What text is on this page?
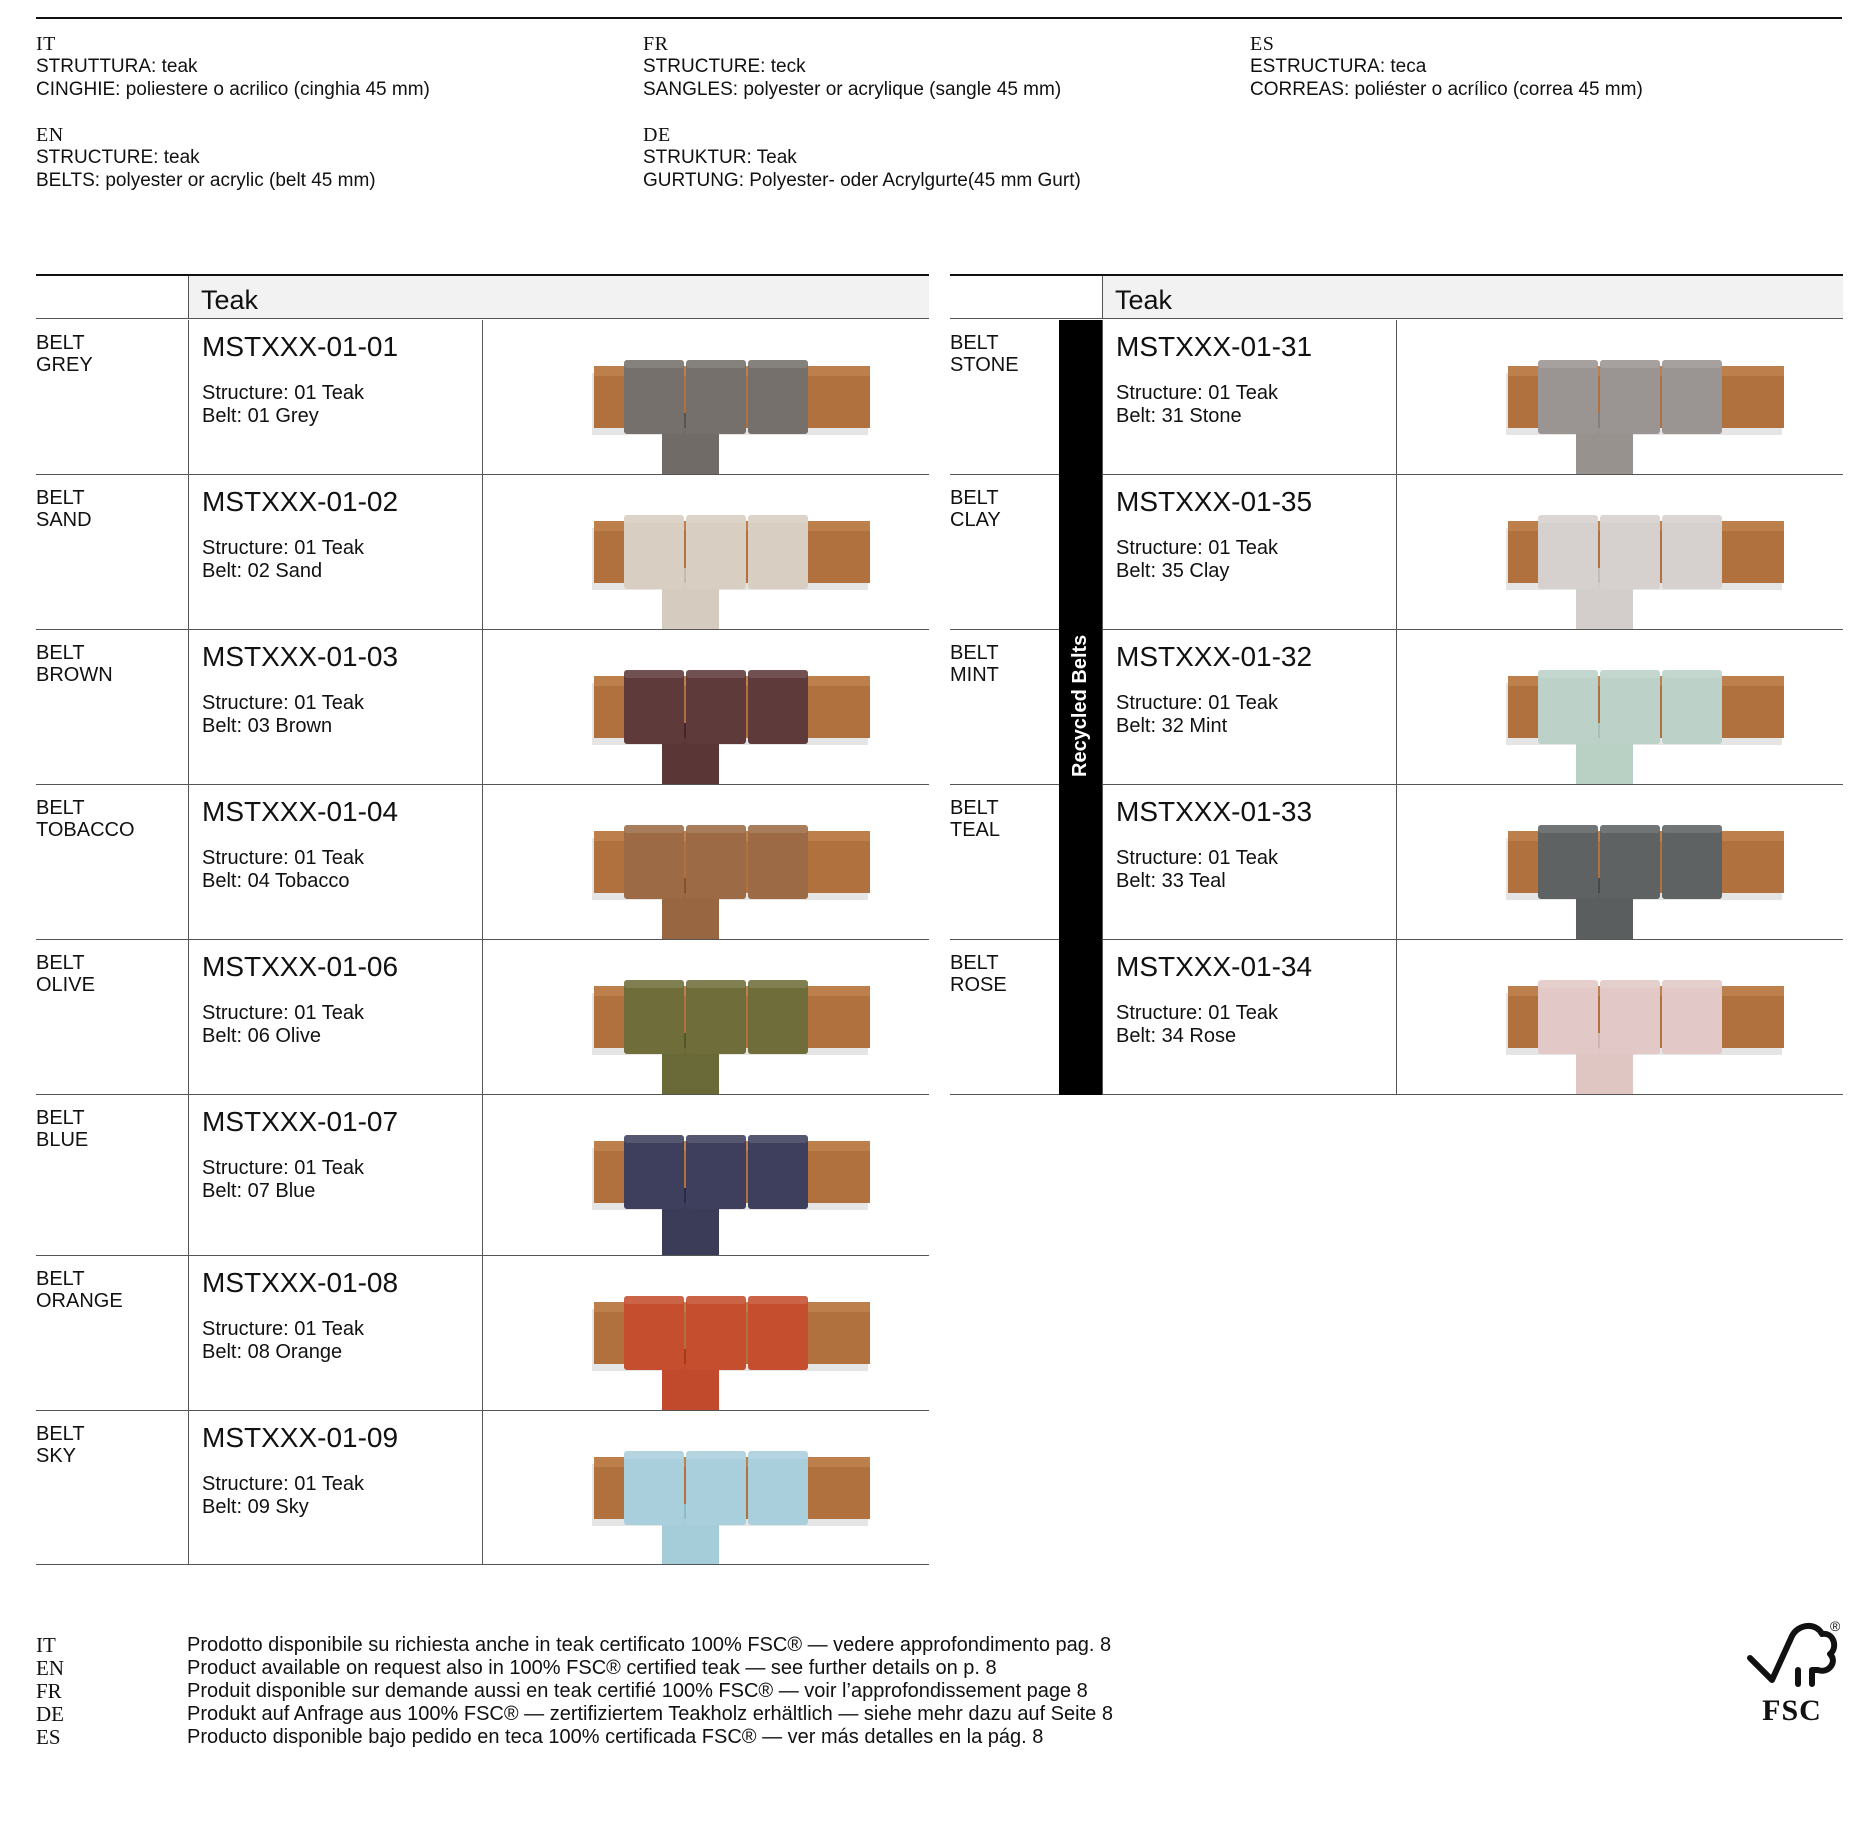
IT
STRUTTURA: teak
CINGHIE: poliestere o acrilico (cinghia 45 mm)
FR
STRUCTURE: teck
SANGLES: polyester or acrylique (sangle 45 mm)
ES
ESTRUCTURA: teca
CORREAS: poliéster o acrílico (correa 45 mm)
EN
STRUCTURE: teak
BELTS: polyester or acrylic (belt 45 mm)
DE
STRUKTUR: Teak
GURTUNG: Polyester- oder Acrylgurte(45 mm Gurt)
Teak
BELT
GREY
MSTXXX-01-01
Structure: 01 Teak
Belt: 01 Grey
BELT
SAND
MSTXXX-01-02
Structure: 01 Teak
Belt: 02 Sand
BELT
BROWN
MSTXXX-01-03
Structure: 01 Teak
Belt: 03 Brown
BELT
TOBACCO
MSTXXX-01-04
Structure: 01 Teak
Belt: 04 Tobacco
BELT
OLIVE
MSTXXX-01-06
Structure: 01 Teak
Belt: 06 Olive
BELT
BLUE
MSTXXX-01-07
Structure: 01 Teak
Belt: 07 Blue
BELT
ORANGE
MSTXXX-01-08
Structure: 01 Teak
Belt: 08 Orange
BELT
SKY
MSTXXX-01-09
Structure: 01 Teak
Belt: 09 Sky
Teak
BELT
STONE
MSTXXX-01-31
Structure: 01 Teak
Belt: 31 Stone
BELT
CLAY
MSTXXX-01-35
Structure: 01 Teak
Belt: 35 Clay
BELT
MINT
MSTXXX-01-32
Structure: 01 Teak
Belt: 32 Mint
BELT
TEAL
MSTXXX-01-33
Structure: 01 Teak
Belt: 33 Teal
BELT
ROSE
MSTXXX-01-34
Structure: 01 Teak
Belt: 34 Rose
Recycled Belts
IT	Prodotto disponibile su richiesta anche in teak certificato 100% FSC® — vedere approfondimento pag. 8
EN	Product available on request also in 100% FSC® certified teak — see further details on p. 8
FR	Produit disponible sur demande aussi en teak certifié 100% FSC® — voir l’approfondissement page 8
DE	Produkt auf Anfrage aus 100% FSC® — zertifiziertem Teakholz erhältlich — siehe mehr dazu auf Seite 8
ES	Producto disponible bajo pedido en teca 100% certificada FSC® — ver más detalles en la pág. 8
®
FSC
